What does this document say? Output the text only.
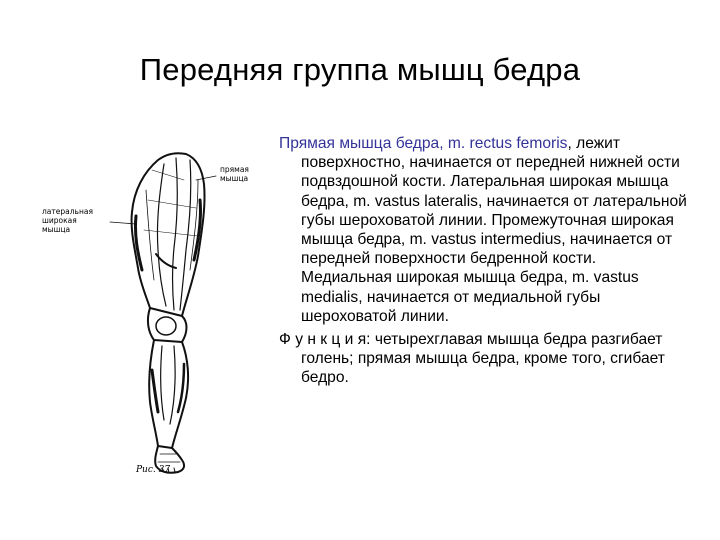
Передняя группа мышц бедра
прямая
мышца
латеральная
широкая
мышца
Рис. 37

Прямая мышца бедра, m. rectus femoris, лежит поверхностно, начинается от передней нижней ости подвздошной кости. Латеральная широкая мышца бедра, m. vastus lateralis, начинается от латеральной губы шероховатой линии. Промежуточная широкая мышца бедра, m. vastus intermedius, начинается от передней поверхности бедренной кости. Медиальная широкая мышца бедра, m. vastus medialis, начинается от медиальной губы шероховатой линии.

Ф у н к ц и я: четырехглавая мышца бедра разгибает голень; прямая мышца бедра, кроме того, сгибает бедро.
